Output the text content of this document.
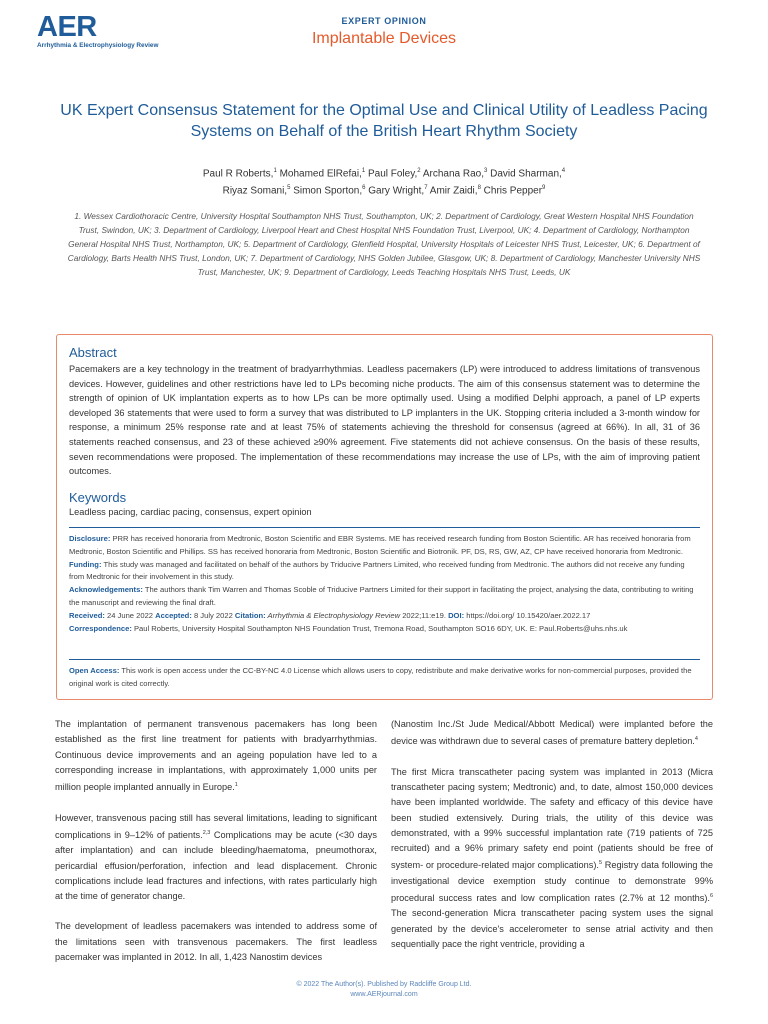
AER
Arrhythmia & Electrophysiology Review
EXPERT OPINION
Implantable Devices
UK Expert Consensus Statement for the Optimal Use and Clinical Utility of Leadless Pacing Systems on Behalf of the British Heart Rhythm Society
Paul R Roberts,$^1$ Mohamed ElRefai,$^1$ Paul Foley,$^2$ Archana Rao,$^3$ David Sharman,$^4$
Riyaz Somani,$^5$ Simon Sporton,$^6$ Gary Wright,$^7$ Amir Zaidi,$^8$ Chris Pepper$^9$
1. Wessex Cardiothoracic Centre, University Hospital Southampton NHS Trust, Southampton, UK; 2. Department of Cardiology, Great Western Hospital NHS Foundation Trust, Swindon, UK; 3. Department of Cardiology, Liverpool Heart and Chest Hospital NHS Foundation Trust, Liverpool, UK; 4. Department of Cardiology, Northampton General Hospital NHS Trust, Northampton, UK; 5. Department of Cardiology, Glenfield Hospital, University Hospitals of Leicester NHS Trust, Leicester, UK; 6. Department of Cardiology, Barts Health NHS Trust, London, UK; 7. Department of Cardiology, NHS Golden Jubilee, Glasgow, UK; 8. Department of Cardiology, Manchester University NHS Trust, Manchester, UK; 9. Department of Cardiology, Leeds Teaching Hospitals NHS Trust, Leeds, UK
Abstract
Pacemakers are a key technology in the treatment of bradyarrhythmias. Leadless pacemakers (LP) were introduced to address limitations of transvenous devices. However, guidelines and other restrictions have led to LPs becoming niche products. The aim of this consensus statement was to determine the strength of opinion of UK implantation experts as to how LPs can be more optimally used. Using a modified Delphi approach, a panel of LP experts developed 36 statements that were used to form a survey that was distributed to LP implanters in the UK. Stopping criteria included a 3-month window for response, a minimum 25% response rate and at least 75% of statements achieving the threshold for consensus (agreed at 66%). In all, 31 of 36 statements reached consensus, and 23 of these achieved ≥90% agreement. Five statements did not achieve consensus. On the basis of these results, seven recommendations were proposed. The implementation of these recommendations may increase the use of LPs, with the aim of improving patient outcomes.
Keywords
Leadless pacing, cardiac pacing, consensus, expert opinion
Disclosure: PRR has received honoraria from Medtronic, Boston Scientific and EBR Systems. ME has received research funding from Boston Scientific. AR has received honoraria from Medtronic, Boston Scientific and Phillips. SS has received honoraria from Medtronic, Boston Scientific and Biotronik. PF, DS, RS, GW, AZ, CP have received honoraria from Medtronic.
Funding: This study was managed and facilitated on behalf of the authors by Triducive Partners Limited, who received funding from Medtronic. The authors did not receive any funding from Medtronic for their involvement in this study.
Acknowledgements: The authors thank Tim Warren and Thomas Scoble of Triducive Partners Limited for their support in facilitating the project, analysing the data, contributing to writing the manuscript and reviewing the final draft.
Received: 24 June 2022 Accepted: 8 July 2022 Citation: Arrhythmia & Electrophysiology Review 2022;11:e19. DOI: https://doi.org/ 10.15420/aer.2022.17
Correspondence: Paul Roberts, University Hospital Southampton NHS Foundation Trust, Tremona Road, Southampton SO16 6DY, UK. E: Paul.Roberts@uhs.nhs.uk
Open Access: This work is open access under the CC-BY-NC 4.0 License which allows users to copy, redistribute and make derivative works for non-commercial purposes, provided the original work is cited correctly.

The implantation of permanent transvenous pacemakers has long been established as the first line treatment for patients with bradyarrhythmias. Continuous device improvements and an ageing population have led to a corresponding increase in implantations, with approximately 1,000 units per million people implanted annually in Europe.$^1$

However, transvenous pacing still has several limitations, leading to significant complications in 9–12% of patients.$^{2,3}$ Complications may be acute (<30 days after implantation) and can include bleeding/haematoma, pneumothorax, pericardial effusion/perforation, infection and lead displacement. Chronic complications include lead fractures and infections, with rates particularly high at the time of generator change.

The development of leadless pacemakers was intended to address some of the limitations seen with transvenous pacemakers. The first leadless pacemaker was implanted in 2012. In all, 1,423 Nanostim devices

(Nanostim Inc./St Jude Medical/Abbott Medical) were implanted before the device was withdrawn due to several cases of premature battery depletion.$^4$

The first Micra transcatheter pacing system was implanted in 2013 (Micra transcatheter pacing system; Medtronic) and, to date, almost 150,000 devices have been implanted worldwide. The safety and efficacy of this device have been studied extensively. During trials, the utility of this device was demonstrated, with a 99% successful implantation rate (719 patients of 725 recruited) and a 96% primary safety end point (patients should be free of system- or procedure-related major complications).$^5$ Registry data following the investigational device exemption study continue to demonstrate 99% procedural success rates and low complication rates (2.7% at 12 months).$^6$ The second-generation Micra transcatheter pacing system uses the signal generated by the device's accelerometer to sense atrial activity and then sequentially pace the right ventricle, providing a

© 2022 The Author(s). Published by Radcliffe Group Ltd.
www.AERjournal.com
